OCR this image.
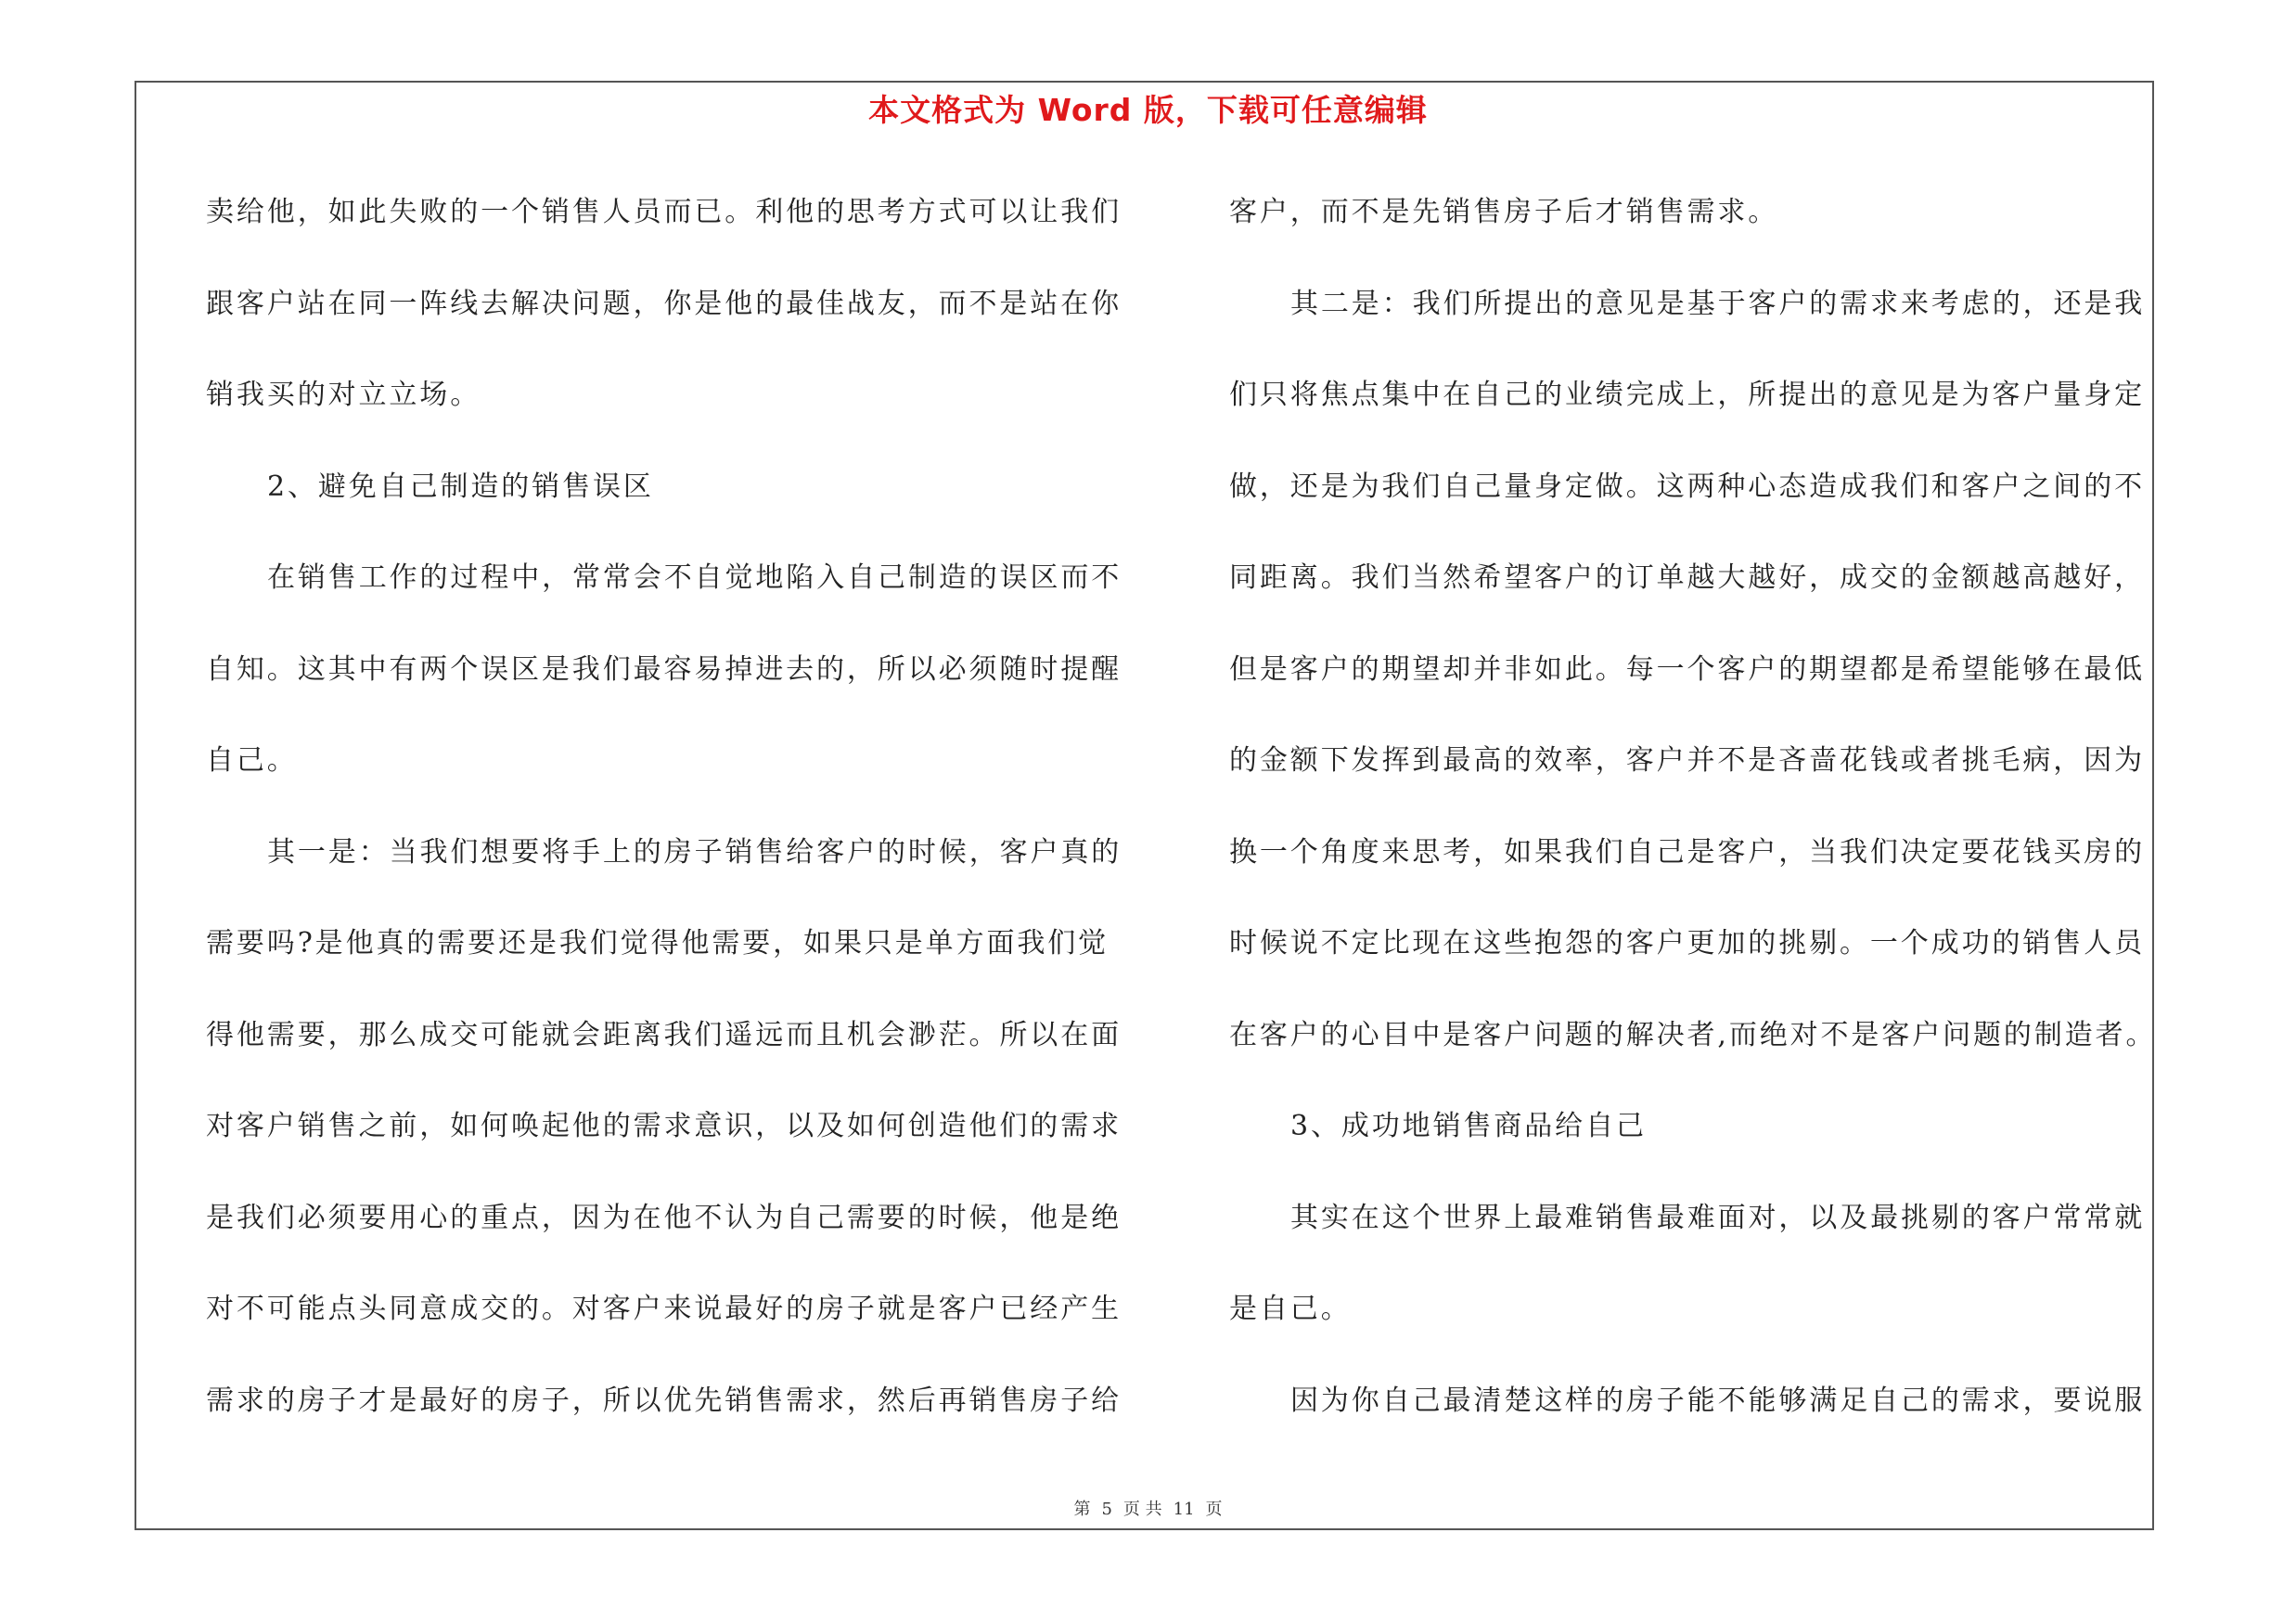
本文格式为 Word 版，下载可任意编辑
卖给他，如此失败的一个销售人员而已。利他的思考方式可以让我们
跟客户站在同一阵线去解决问题，你是他的最佳战友，而不是站在你
销我买的对立立场。
2、避免自己制造的销售误区
在销售工作的过程中，常常会不自觉地陷入自己制造的误区而不
自知。这其中有两个误区是我们最容易掉进去的，所以必须随时提醒
自己。
其一是：当我们想要将手上的房子销售给客户的时候，客户真的
需要吗?是他真的需要还是我们觉得他需要，如果只是单方面我们觉
得他需要，那么成交可能就会距离我们遥远而且机会渺茫。所以在面
对客户销售之前，如何唤起他的需求意识，以及如何创造他们的需求
是我们必须要用心的重点，因为在他不认为自己需要的时候，他是绝
对不可能点头同意成交的。对客户来说最好的房子就是客户已经产生
需求的房子才是最好的房子，所以优先销售需求，然后再销售房子给
客户，而不是先销售房子后才销售需求。
其二是：我们所提出的意见是基于客户的需求来考虑的，还是我
们只将焦点集中在自己的业绩完成上，所提出的意见是为客户量身定
做，还是为我们自己量身定做。这两种心态造成我们和客户之间的不
同距离。我们当然希望客户的订单越大越好，成交的金额越高越好，
但是客户的期望却并非如此。每一个客户的期望都是希望能够在最低
的金额下发挥到最高的效率，客户并不是吝啬花钱或者挑毛病，因为
换一个角度来思考，如果我们自己是客户，当我们决定要花钱买房的
时候说不定比现在这些抱怨的客户更加的挑剔。一个成功的销售人员
在客户的心目中是客户问题的解决者,而绝对不是客户问题的制造者。
3、成功地销售商品给自己
其实在这个世界上最难销售最难面对，以及最挑剔的客户常常就
是自己。
因为你自己最清楚这样的房子能不能够满足自己的需求，要说服
第 5 页 共 11 页
